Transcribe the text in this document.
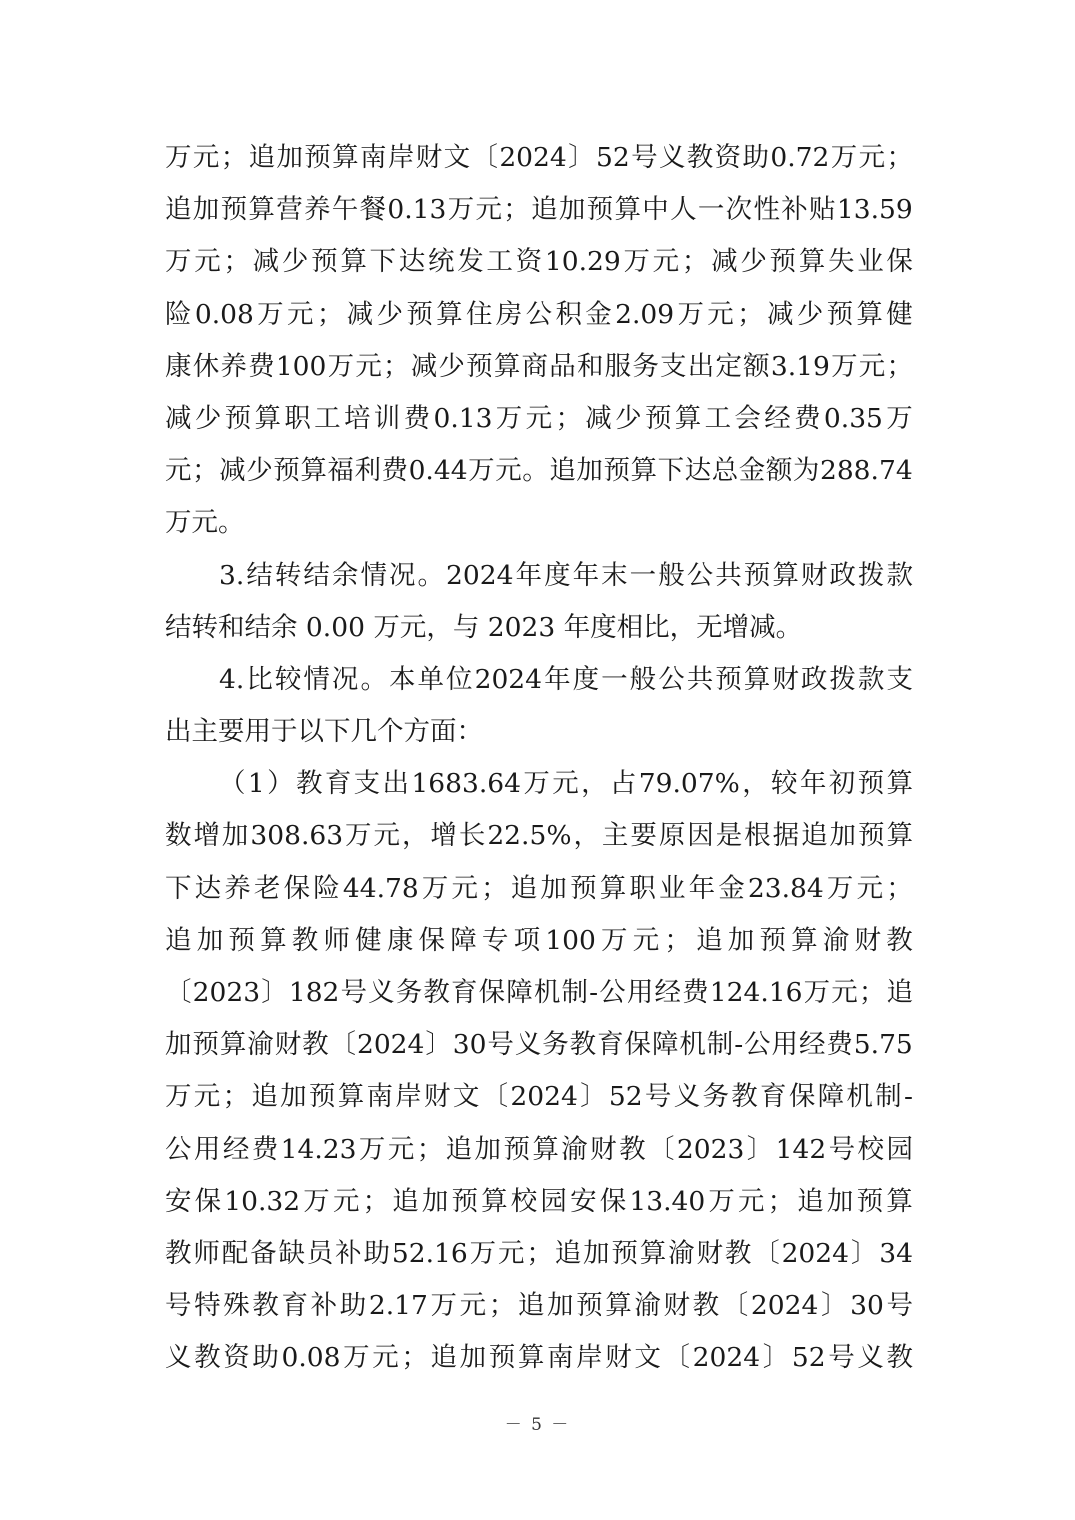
万 元 ； 追 加 预 算 南 岸 财 文 〔 2024 〕 52 号 义 教 资 助 0.72 万 元 ；
追 加 预 算 营 养 午 餐 0.13 万 元 ； 追 加 预 算 中 人 一 次 性 补 贴 13.59
万 元 ； 减 少 预 算 下 达 统 发 工 资 10.29 万 元 ； 减 少 预 算 失 业 保
险 0.08 万 元 ； 减 少 预 算 住 房 公 积 金 2.09 万 元 ； 减 少 预 算 健
康 休 养 费 100 万 元 ； 减 少 预 算 商 品 和 服 务 支 出 定 额 3.19 万 元 ；
减 少 预 算 职 工 培 训 费 0.13 万 元 ； 减 少 预 算 工 会 经 费 0.35 万
元 ； 减 少 预 算 福 利 费 0.44 万 元 。 追 加 预 算 下 达 总 金 额 为 288.74
万元。
3. 结 转 结 余 情 况 。 2024 年 度 年 末 一 般 公 共 预 算 财 政 拨 款
结转和结余 0.00 万元，与 2023 年度相比，无增减。
4. 比 较 情 况 。 本 单 位 2024 年 度 一 般 公 共 预 算 财 政 拨 款 支
出主要用于以下几个方面：
（ 1 ） 教 育 支 出 1683.64 万 元 ， 占 79.07% ， 较 年 初 预 算
数 增 加 308.63 万 元 ， 增 长 22.5% ， 主 要 原 因 是 根 据 追 加 预 算
下 达 养 老 保 险 44.78 万 元 ； 追 加 预 算 职 业 年 金 23.84 万 元 ；
追 加 预 算 教 师 健 康 保 障 专 项 100 万 元 ； 追 加 预 算 渝 财 教
〔 2023 〕 182 号 义 务 教 育 保 障 机 制 - 公 用 经 费 124.16 万 元 ； 追
加 预 算 渝 财 教 〔 2024 〕 30 号 义 务 教 育 保 障 机 制 - 公 用 经 费 5.75
万 元 ； 追 加 预 算 南 岸 财 文 〔 2024 〕 52 号 义 务 教 育 保 障 机 制 -
公 用 经 费 14.23 万 元 ； 追 加 预 算 渝 财 教 〔 2023 〕 142 号 校 园
安 保 10.32 万 元 ； 追 加 预 算 校 园 安 保 13.40 万 元 ； 追 加 预 算
教 师 配 备 缺 员 补 助 52.16 万 元 ； 追 加 预 算 渝 财 教 〔 2024 〕 34
号 特 殊 教 育 补 助 2.17 万 元 ； 追 加 预 算 渝 财 教 〔 2024 〕 30 号
义 教 资 助 0.08 万 元 ； 追 加 预 算 南 岸 财 文 〔 2024 〕 52 号 义 教
－ 5 －
